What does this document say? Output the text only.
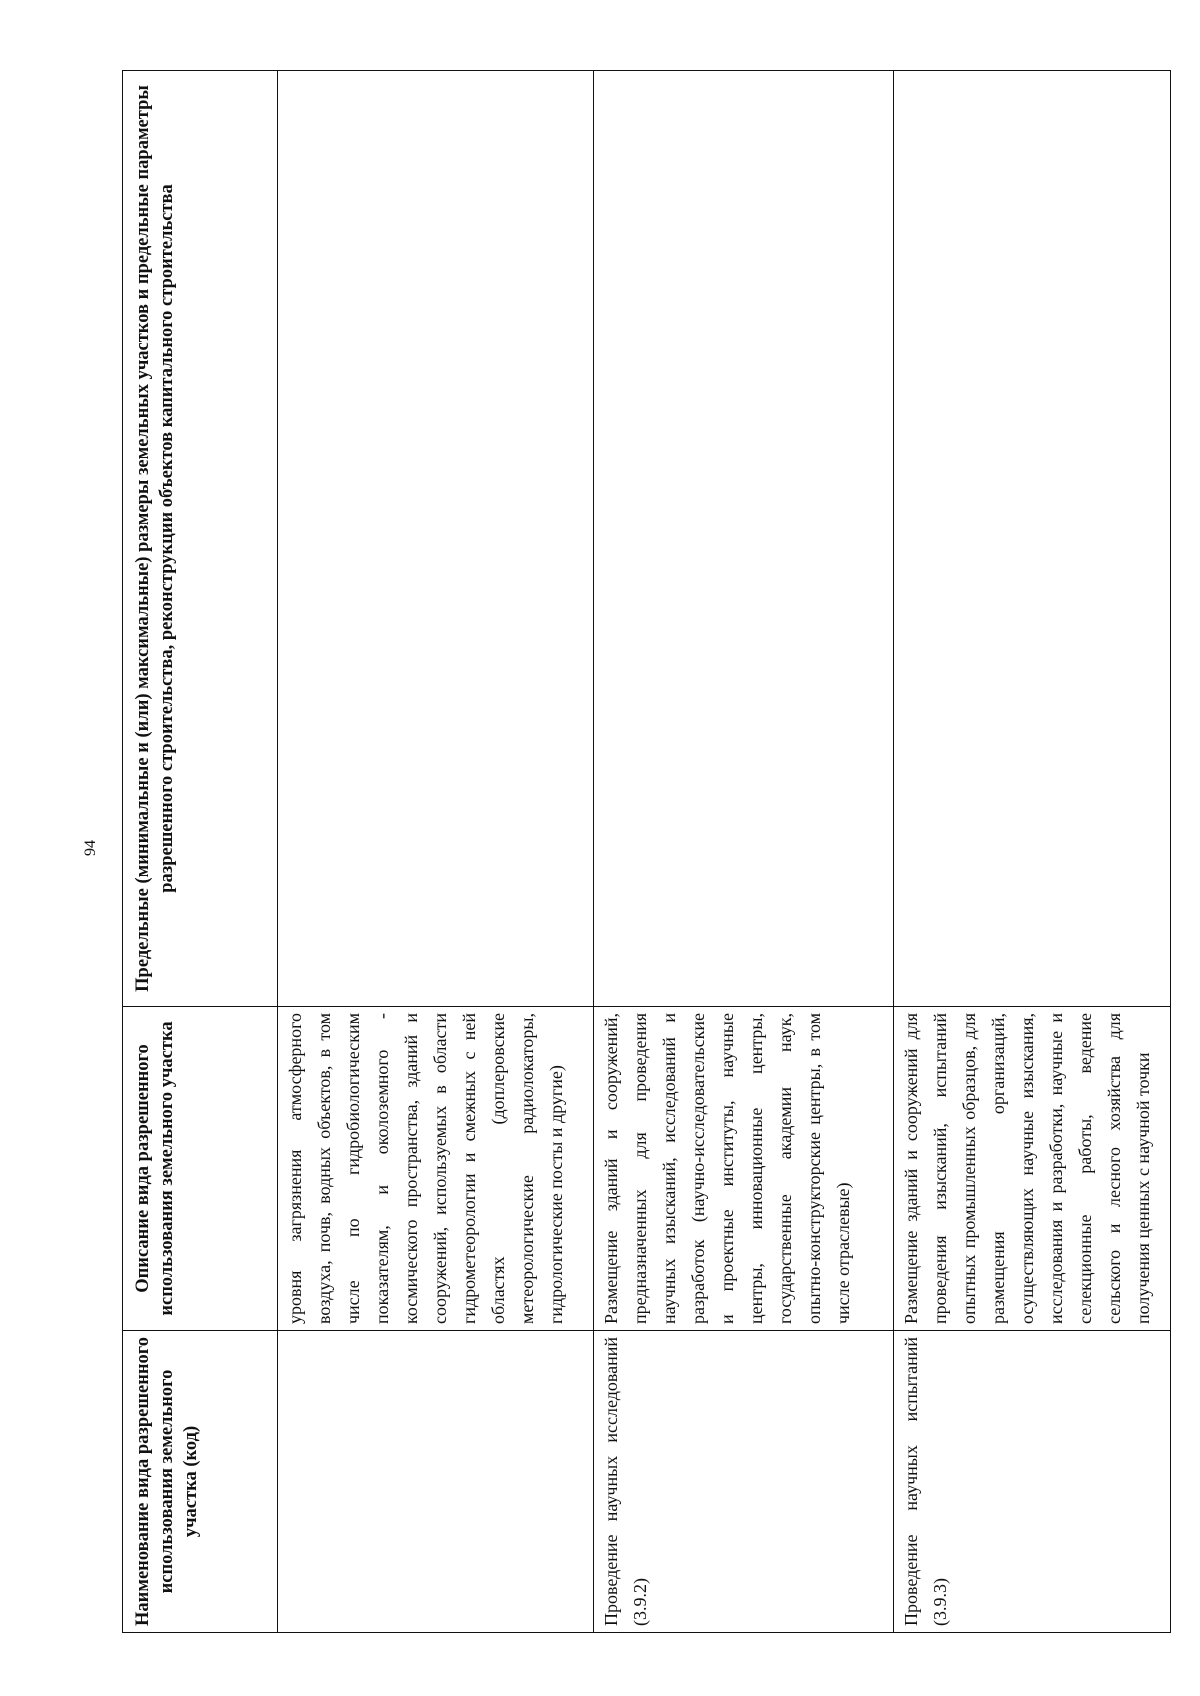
94
Наименование вида разрешенного использования земельного участка (код)	Описание вида разрешенного использования земельного участка	Предельные (минимальные и (или) максимальные) размеры земельных участков и предельные параметры разрешенного строительства, реконструкции объектов капитального строительства
	уровня загрязнения атмосферного воздуха, почв, водных объектов, в том числе по гидробиологическим показателям, и околоземного - космического пространства, зданий и сооружений, используемых в области гидрометеорологии и смежных с ней областях (доплеровские метеорологические радиолокаторы, гидрологические посты и другие)	
Проведение научных исследований (3.9.2)	Размещение зданий и сооружений, предназначенных для проведения научных изысканий, исследований и разработок (научно-исследовательские и проектные институты, научные центры, инновационные центры, государственные академии наук, опытно-конструкторские центры, в том числе отраслевые)	
Проведение научных испытаний (3.9.3)	Размещение зданий и сооружений для проведения изысканий, испытаний опытных промышленных образцов, для размещения организаций, осуществляющих научные изыскания, исследования и разработки, научные и селекционные работы, ведение сельского и лесного хозяйства для получения ценных с научной точки	
